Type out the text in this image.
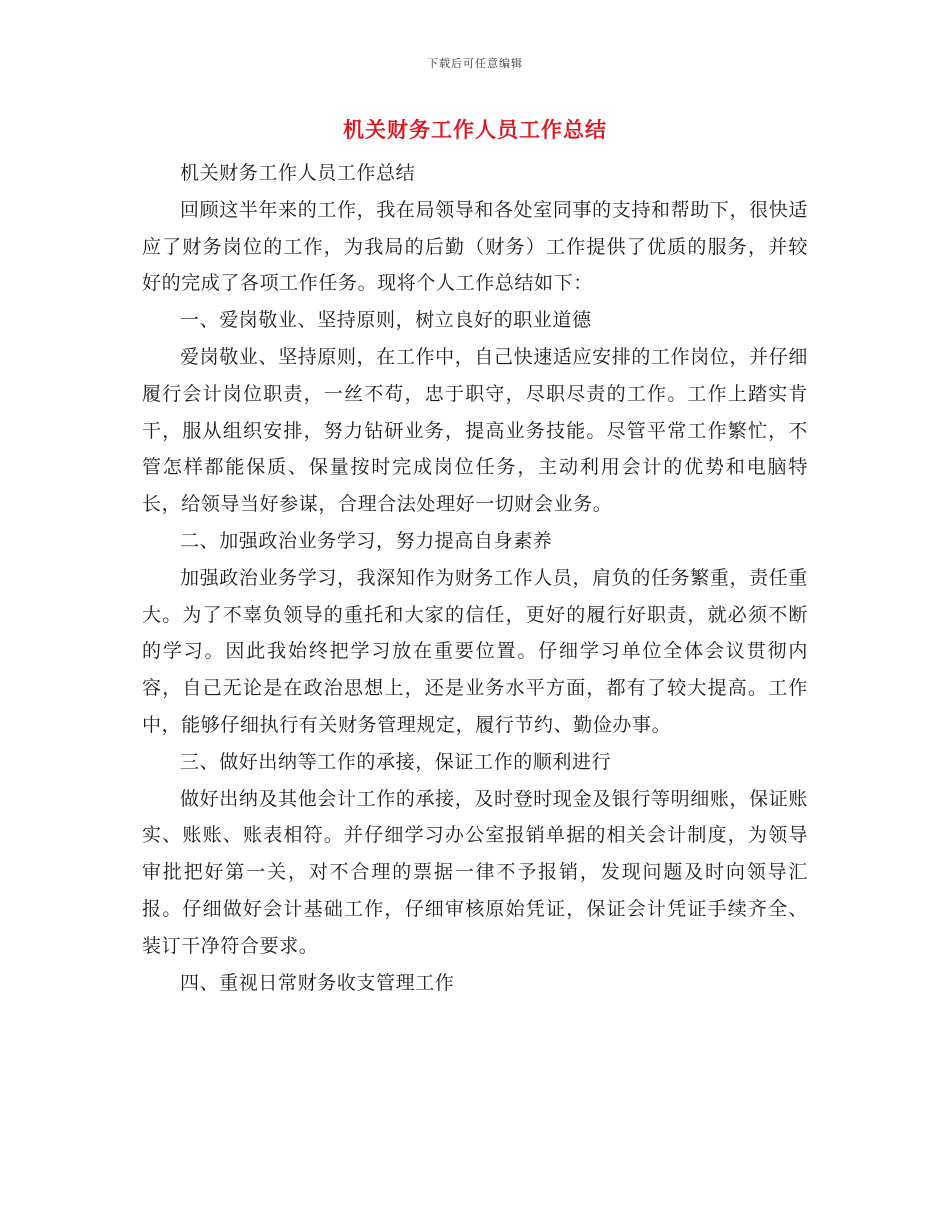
下载后可任意编辑
机关财务工作人员工作总结

机关财务工作人员工作总结

回顾这半年来的工作，我在局领导和各处室同事的支持和帮助下，很快适应了财务岗位的工作，为我局的后勤（财务）工作提供了优质的服务，并较好的完成了各项工作任务。现将个人工作总结如下：

一、爱岗敬业、坚持原则，树立良好的职业道德

爱岗敬业、坚持原则，在工作中，自己快速适应安排的工作岗位，并仔细履行会计岗位职责，一丝不苟，忠于职守，尽职尽责的工作。工作上踏实肯干，服从组织安排，努力钻研业务，提高业务技能。尽管平常工作繁忙，不管怎样都能保质、保量按时完成岗位任务，主动利用会计的优势和电脑特长，给领导当好参谋，合理合法处理好一切财会业务。

二、加强政治业务学习，努力提高自身素养

加强政治业务学习，我深知作为财务工作人员，肩负的任务繁重，责任重大。为了不辜负领导的重托和大家的信任，更好的履行好职责，就必须不断的学习。因此我始终把学习放在重要位置。仔细学习单位全体会议贯彻内容，自己无论是在政治思想上，还是业务水平方面，都有了较大提高。工作中，能够仔细执行有关财务管理规定，履行节约、勤俭办事。

三、做好出纳等工作的承接，保证工作的顺利进行

做好出纳及其他会计工作的承接，及时登时现金及银行等明细账，保证账实、账账、账表相符。并仔细学习办公室报销单据的相关会计制度，为领导审批把好第一关，对不合理的票据一律不予报销，发现问题及时向领导汇报。仔细做好会计基础工作，仔细审核原始凭证，保证会计凭证手续齐全、装订干净符合要求。

四、重视日常财务收支管理工作
